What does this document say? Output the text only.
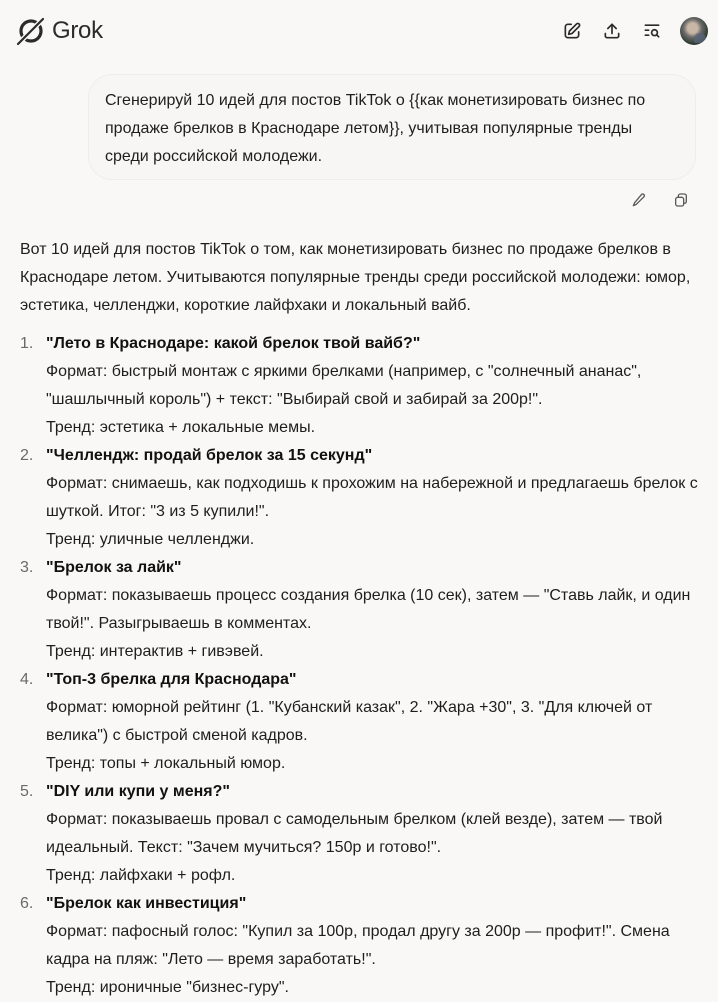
Grok
Сгенерируй 10 идей для постов TikTok о {{как монетизировать бизнес по продаже брелков в Краснодаре летом}}, учитывая популярные тренды среди российской молодежи.

Вот 10 идей для постов TikTok о том, как монетизировать бизнес по продаже брелков в Краснодаре летом. Учитываются популярные тренды среди российской молодежи: юмор, эстетика, челленджи, короткие лайфхаки и локальный вайб.

1. "Лето в Краснодаре: какой брелок твой вайб?"
Формат: быстрый монтаж с яркими брелками (например, с "солнечный ананас", "шашлычный король") + текст: "Выбирай свой и забирай за 200р!".
Тренд: эстетика + локальные мемы.
2. "Челлендж: продай брелок за 15 секунд"
Формат: снимаешь, как подходишь к прохожим на набережной и предлагаешь брелок с шуткой. Итог: "3 из 5 купили!".
Тренд: уличные челленджи.
3. "Брелок за лайк"
Формат: показываешь процесс создания брелка (10 сек), затем — "Ставь лайк, и один твой!". Разыгрываешь в комментах.
Тренд: интерактив + гивэвей.
4. "Топ-3 брелка для Краснодара"
Формат: юморной рейтинг (1. "Кубанский казак", 2. "Жара +30", 3. "Для ключей от велика") с быстрой сменой кадров.
Тренд: топы + локальный юмор.
5. "DIY или купи у меня?"
Формат: показываешь провал с самодельным брелком (клей везде), затем — твой идеальный. Текст: "Зачем мучиться? 150р и готово!".
Тренд: лайфхаки + рофл.
6. "Брелок как инвестиция"
Формат: пафосный голос: "Купил за 100р, продал другу за 200р — профит!". Смена кадра на пляж: "Лето — время заработать!".
Тренд: ироничные "бизнес-гуру".
